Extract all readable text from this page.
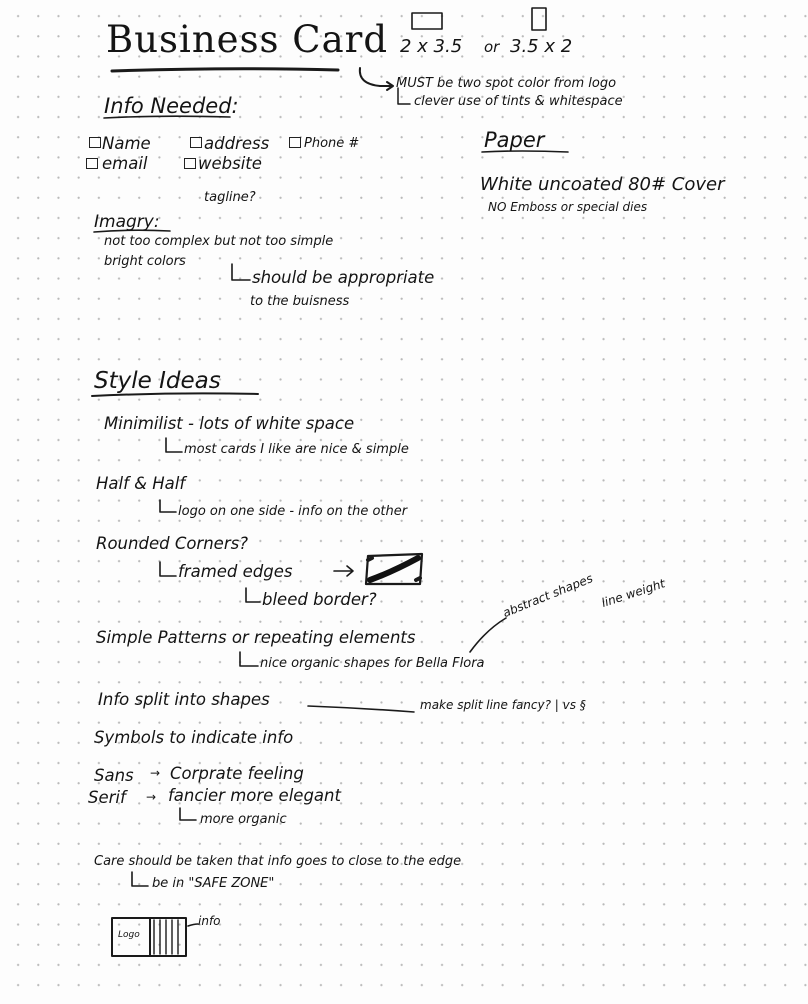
Business Card 2 x 3.5 or 3.5 x 2
MUST be two spot color from logo
clever use of tints & whitespace
Info Needed:
Name	address	Phone #
email	website
tagline?
Paper
White uncoated 80# Cover
NO Emboss or special dies
Imagry:
not too complex but not too simple
bright colors
should be appropriate
to the buisness
Style Ideas
Minimilist - lots of white space
most cards I like are nice & simple
Half & Half
logo on one side - info on the other
Rounded Corners?
framed edges
bleed border?
Simple Patterns or repeating elements
nice organic shapes for Bella Flora
abstract shapes line weight
Info split into shapes	make split line fancy? | vs §
Symbols to indicate info
Sans → Corprate feeling
Serif → fancier more elegant
more organic
Care should be taken that info goes to close to the edge
be in "SAFE ZONE"
Logo
info
